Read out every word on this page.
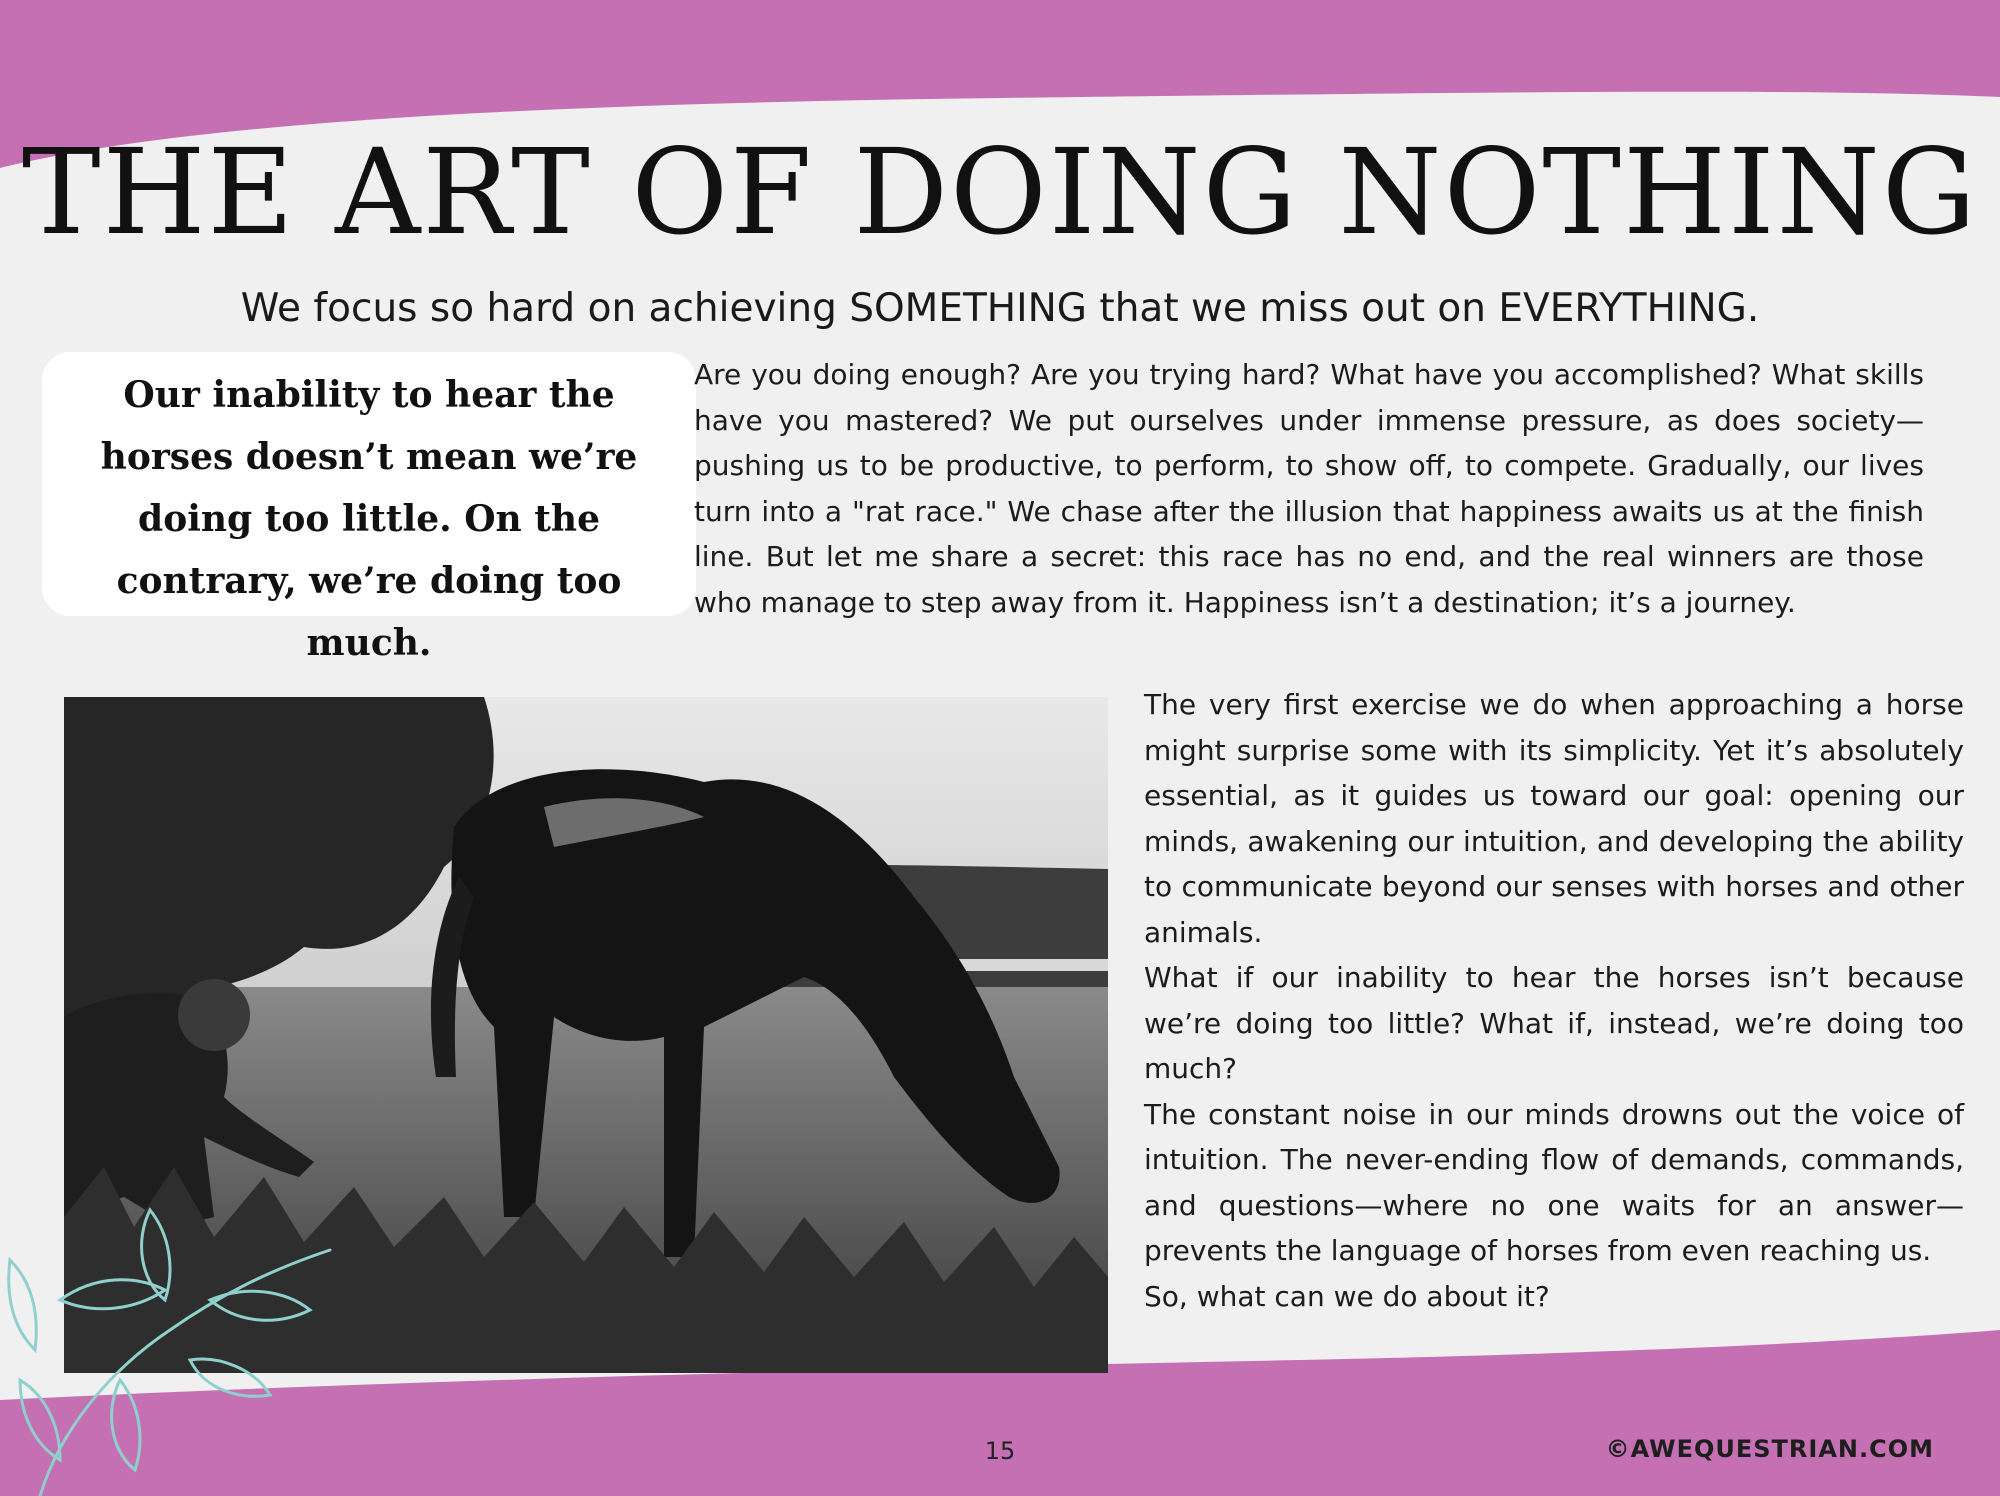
THE ART OF DOING NOTHING

We focus so hard on achieving SOMETHING that we miss out on EVERYTHING.

Our inability to hear the horses doesn’t mean we’re doing too little. On the contrary, we’re doing too much.

Are you doing enough? Are you trying hard? What have you accomplished? What skills have you mastered? We put ourselves under immense pressure, as does society—pushing us to be productive, to perform, to show off, to compete. Gradually, our lives turn into a "rat race." We chase after the illusion that happiness awaits us at the finish line. But let me share a secret: this race has no end, and the real winners are those who manage to step away from it. Happiness isn’t a destination; it’s a journey.

The very first exercise we do when approaching a horse might surprise some with its simplicity. Yet it’s absolutely essential, as it guides us toward our goal: opening our minds, awakening our intuition, and developing the ability to communicate beyond our senses with horses and other animals.

What if our inability to hear the horses isn’t because we’re doing too little? What if, instead, we’re doing too much?

The constant noise in our minds drowns out the voice of intuition. The never-ending flow of demands, commands, and questions—where no one waits for an answer—prevents the language of horses from even reaching us.

So, what can we do about it?

15	©AWEQUESTRIAN.COM
